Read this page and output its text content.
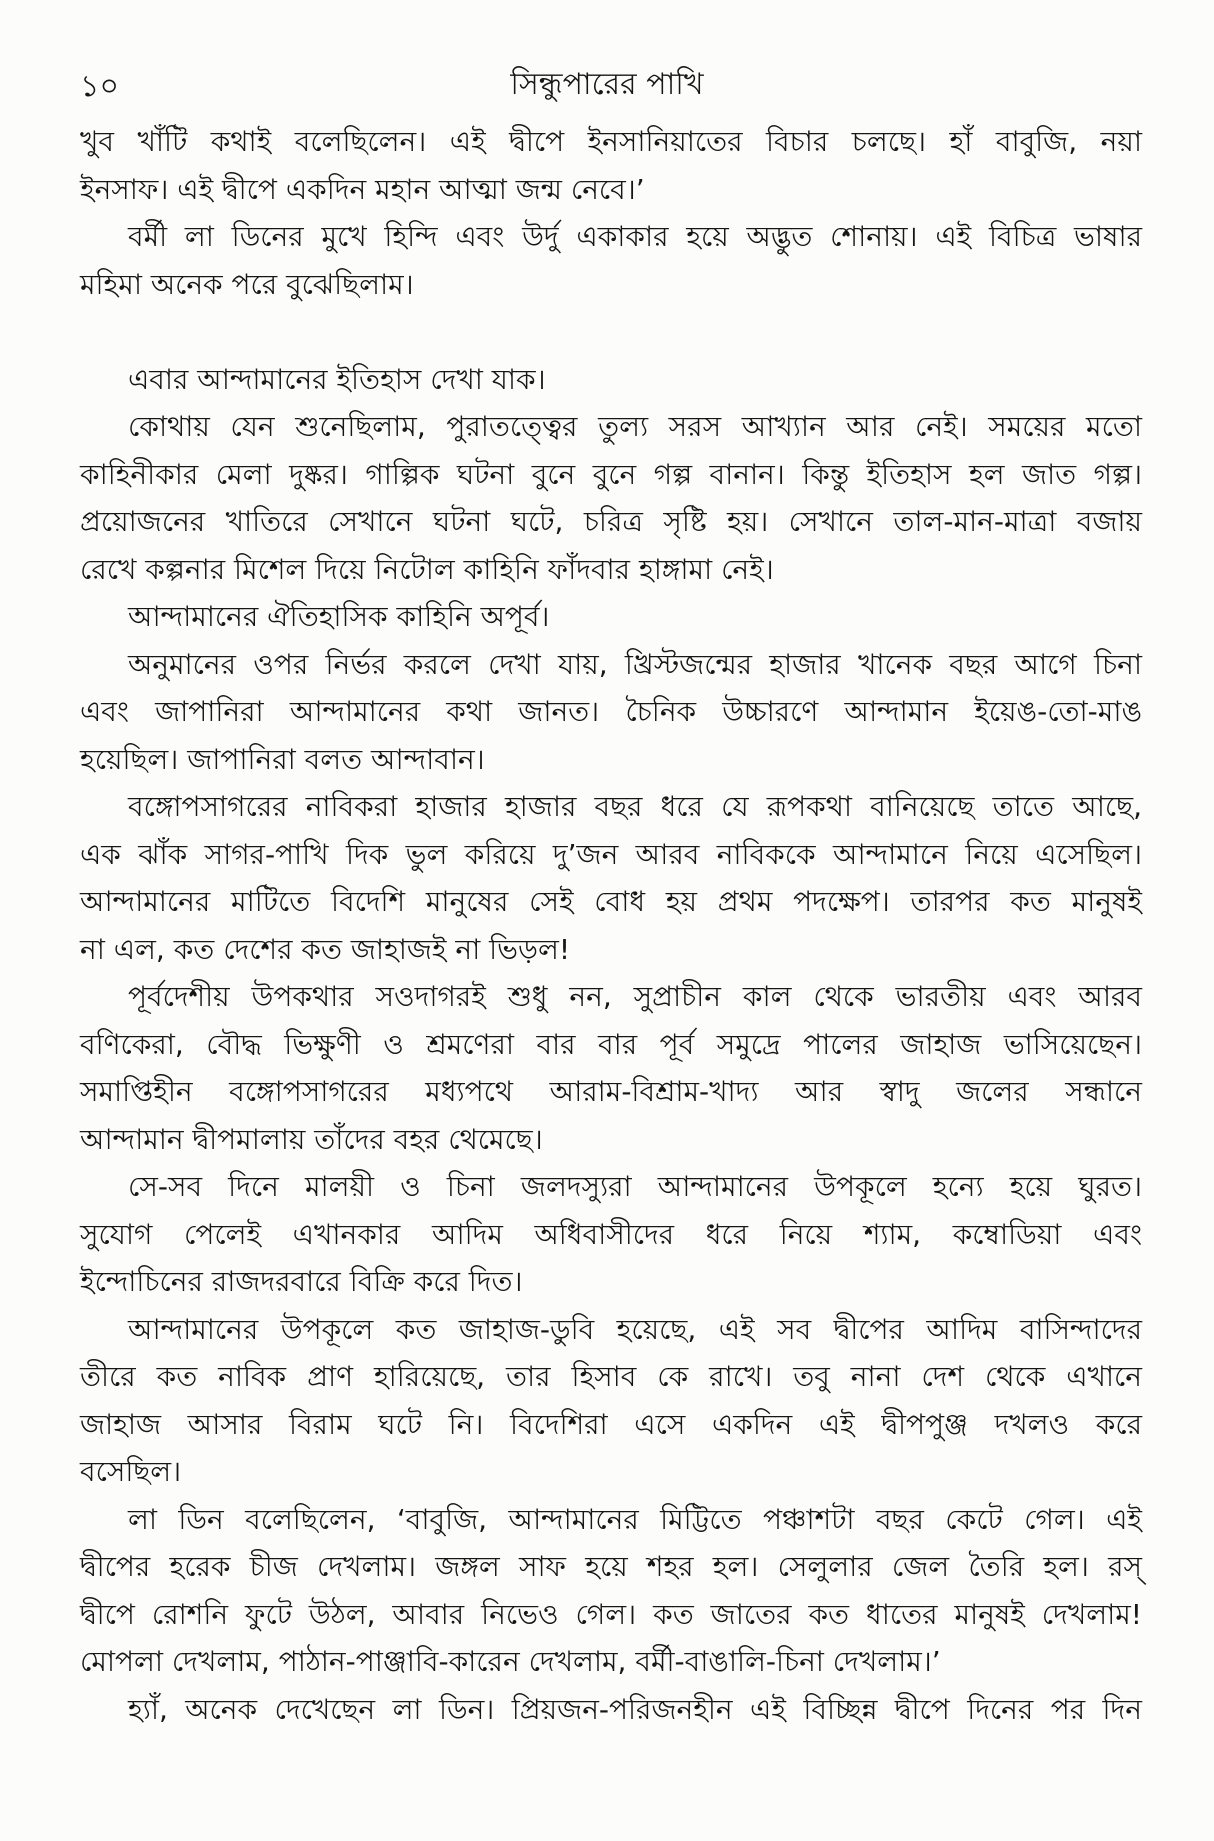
১০	সিন্ধুপারের পাখি
খুব খাঁটি কথাই বলেছিলেন। এই দ্বীপে ইনসানিয়াতের বিচার চলছে। হাঁ বাবুজি, নয়া
ইনসাফ। এই দ্বীপে একদিন মহান আত্মা জন্ম নেবে।’
বর্মী লা ডিনের মুখে হিন্দি এবং উর্দু একাকার হয়ে অদ্ভুত শোনায়। এই বিচিত্র ভাষার
মহিমা অনেক পরে বুঝেছিলাম।
এবার আন্দামানের ইতিহাস দেখা যাক।
কোথায় যেন শুনেছিলাম, পুরাতত্ত্বের তুল্য সরস আখ্যান আর নেই। সময়ের মতো
কাহিনীকার মেলা দুষ্কর। গাল্পিক ঘটনা বুনে বুনে গল্প বানান। কিন্তু ইতিহাস হল জাত গল্প।
প্রয়োজনের খাতিরে সেখানে ঘটনা ঘটে, চরিত্র সৃষ্টি হয়। সেখানে তাল-মান-মাত্রা বজায়
রেখে কল্পনার মিশেল দিয়ে নিটোল কাহিনি ফাঁদবার হাঙ্গামা নেই।
আন্দামানের ঐতিহাসিক কাহিনি অপূর্ব।
অনুমানের ওপর নির্ভর করলে দেখা যায়, খ্রিস্টজন্মের হাজার খানেক বছর আগে চিনা
এবং জাপানিরা আন্দামানের কথা জানত। চৈনিক উচ্চারণে আন্দামান ইয়েঙ-তো-মাঙ
হয়েছিল। জাপানিরা বলত আন্দাবান।
বঙ্গোপসাগরের নাবিকরা হাজার হাজার বছর ধরে যে রূপকথা বানিয়েছে তাতে আছে,
এক ঝাঁক সাগর-পাখি দিক ভুল করিয়ে দু’জন আরব নাবিককে আন্দামানে নিয়ে এসেছিল।
আন্দামানের মাটিতে বিদেশি মানুষের সেই বোধ হয় প্রথম পদক্ষেপ। তারপর কত মানুষই
না এল, কত দেশের কত জাহাজই না ভিড়ল!
পূর্বদেশীয় উপকথার সওদাগরই শুধু নন, সুপ্রাচীন কাল থেকে ভারতীয় এবং আরব
বণিকেরা, বৌদ্ধ ভিক্ষুণী ও শ্রমণেরা বার বার পূর্ব সমুদ্রে পালের জাহাজ ভাসিয়েছেন।
সমাপ্তিহীন বঙ্গোপসাগরের মধ্যপথে আরাম-বিশ্রাম-খাদ্য আর স্বাদু জলের সন্ধানে
আন্দামান দ্বীপমালায় তাঁদের বহর থেমেছে।
সে-সব দিনে মালয়ী ও চিনা জলদস্যুরা আন্দামানের উপকূলে হন্যে হয়ে ঘুরত।
সুযোগ পেলেই এখানকার আদিম অধিবাসীদের ধরে নিয়ে শ্যাম, কম্বোডিয়া এবং
ইন্দোচিনের রাজদরবারে বিক্রি করে দিত।
আন্দামানের উপকূলে কত জাহাজ-ডুবি হয়েছে, এই সব দ্বীপের আদিম বাসিন্দাদের
তীরে কত নাবিক প্রাণ হারিয়েছে, তার হিসাব কে রাখে। তবু নানা দেশ থেকে এখানে
জাহাজ আসার বিরাম ঘটে নি। বিদেশিরা এসে একদিন এই দ্বীপপুঞ্জ দখলও করে
বসেছিল।
লা ডিন বলেছিলেন, ‘বাবুজি, আন্দামানের মিট্টিতে পঞ্চাশটা বছর কেটে গেল। এই
দ্বীপের হরেক চীজ দেখলাম। জঙ্গল সাফ হয়ে শহর হল। সেলুলার জেল তৈরি হল। রস্
দ্বীপে রোশনি ফুটে উঠল, আবার নিভেও গেল। কত জাতের কত ধাতের মানুষই দেখলাম!
মোপলা দেখলাম, পাঠান-পাঞ্জাবি-কারেন দেখলাম, বর্মী-বাঙালি-চিনা দেখলাম।’
হ্যাঁ, অনেক দেখেছেন লা ডিন। প্রিয়জন-পরিজনহীন এই বিচ্ছিন্ন দ্বীপে দিনের পর দিন
